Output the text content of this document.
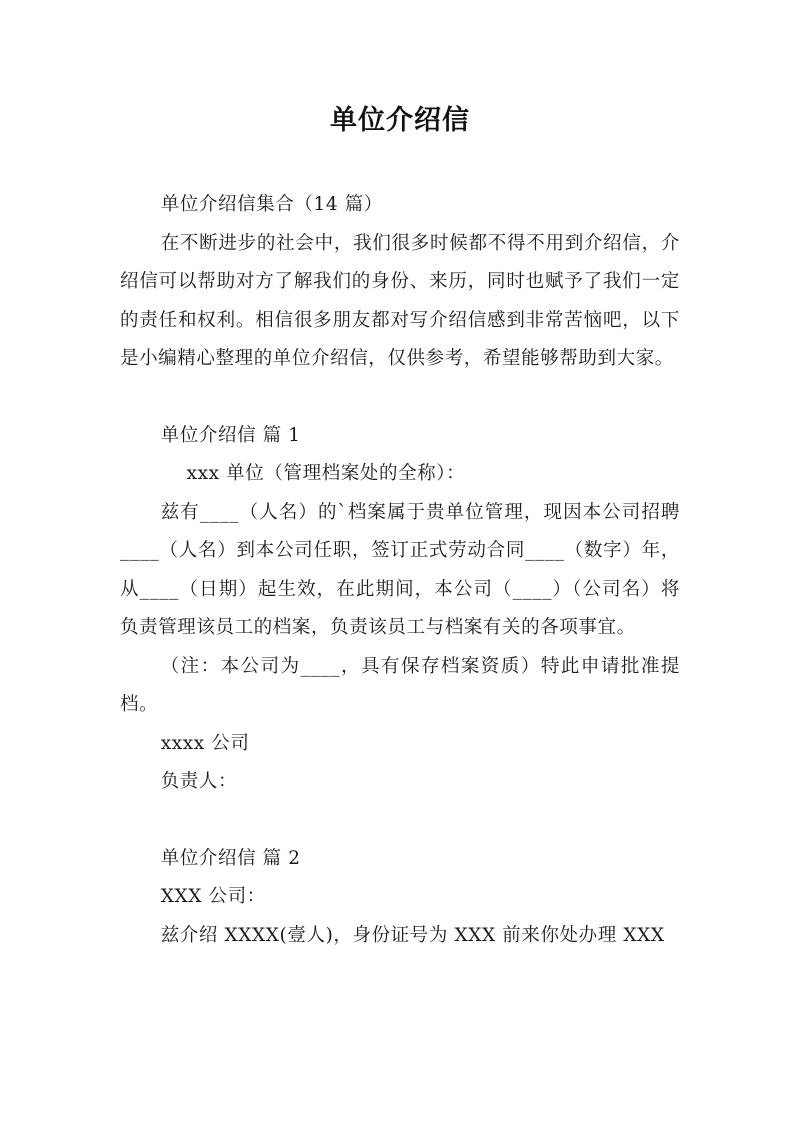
单位介绍信

单位介绍信集合（14 篇）

在不断进步的社会中，我们很多时候都不得不用到介绍信，介绍信可以帮助对方了解我们的身份、来历，同时也赋予了我们一定的责任和权利。相信很多朋友都对写介绍信感到非常苦恼吧，以下是小编精心整理的单位介绍信，仅供参考，希望能够帮助到大家。

单位介绍信 篇 1

xxx 单位（管理档案处的全称）：

兹有____（人名）的`档案属于贵单位管理，现因本公司招聘____（人名）到本公司任职，签订正式劳动合同____（数字）年，从____（日期）起生效，在此期间，本公司（____）（公司名）将负责管理该员工的档案，负责该员工与档案有关的各项事宜。

（注：本公司为____，具有保存档案资质）特此申请批准提档。

xxxx 公司

负责人：

单位介绍信 篇 2

XXX 公司：

兹介绍 XXXX(壹人)，身份证号为 XXX 前来你处办理 XXX
